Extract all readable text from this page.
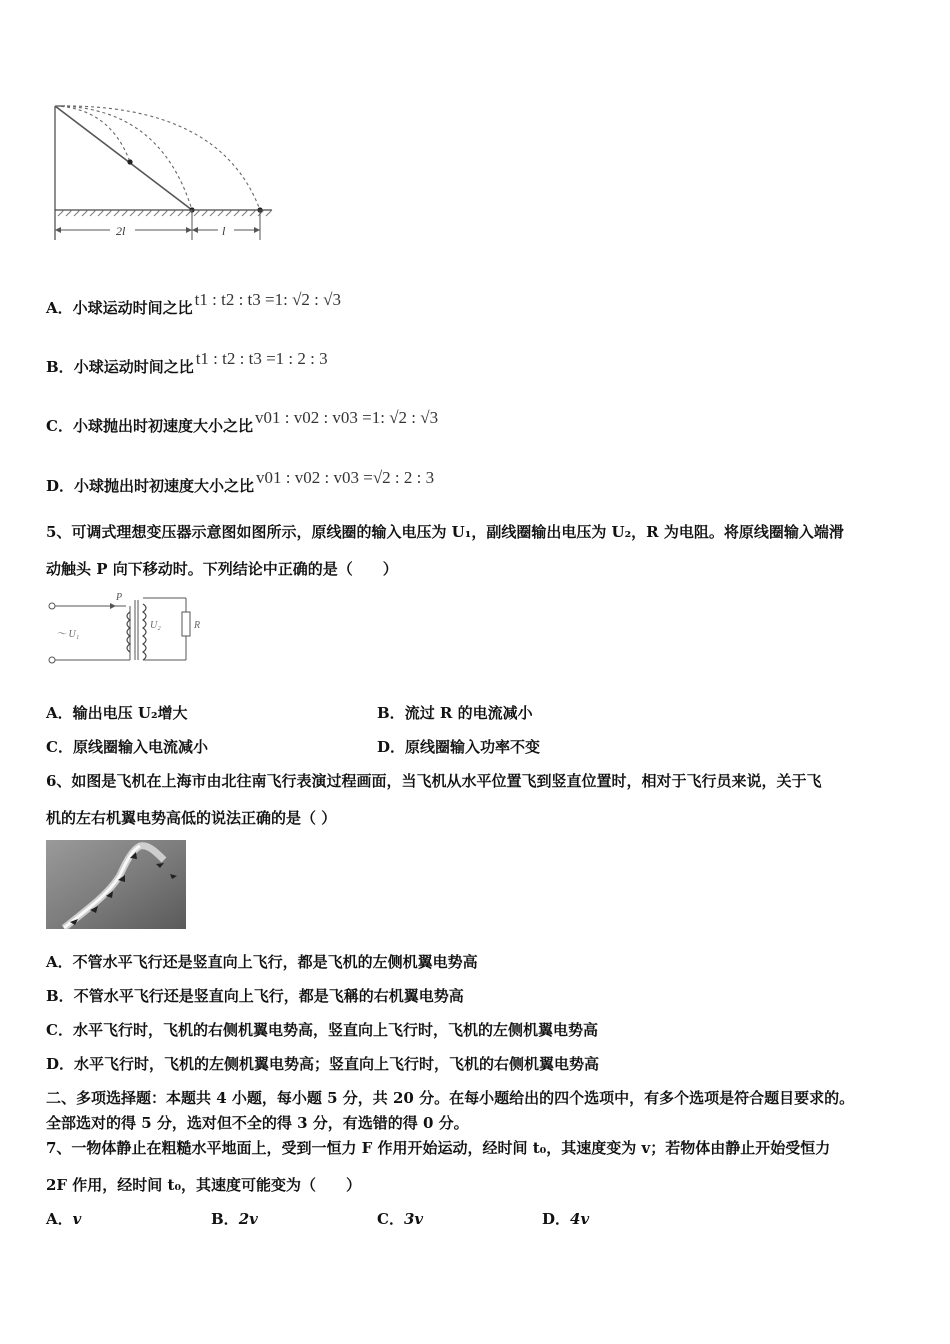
2l	l
A．小球运动时间之比 t1 : t2 : t3 =1: √2 : √3
B．小球运动时间之比 t1 : t2 : t3 =1 : 2 : 3
C．小球抛出时初速度大小之比 v01 : v02 : v03 =1: √2 : √3
D．小球抛出时初速度大小之比 v01 : v02 : v03 =√2 : 2 : 3
5、可调式理想变压器示意图如图所示，原线圈的输入电压为 U₁，副线圈输出电压为 U₂，R 为电阻。将原线圈输入端滑
动触头 P 向下移动时。下列结论中正确的是（　　）
P
～ U₁
U₂	R
A．输出电压 U₂增大	B．流过 R 的电流减小
C．原线圈输入电流减小	D．原线圈输入功率不变
6、如图是飞机在上海市由北往南飞行表演过程画面，当飞机从水平位置飞到竖直位置时，相对于飞行员来说，关于飞
机的左右机翼电势高低的说法正确的是（ ）
A．不管水平飞行还是竖直向上飞行，都是飞机的左侧机翼电势高
B．不管水平飞行还是竖直向上飞行，都是飞稱的右机翼电势高
C．水平飞行时，飞机的右侧机翼电势高，竖直向上飞行时，飞机的左侧机翼电势高
D．水平飞行时，飞机的左侧机翼电势高；竖直向上飞行时，飞机的右侧机翼电势高
二、多项选择题：本题共 4 小题，每小题 5 分，共 20 分。在每小题给出的四个选项中，有多个选项是符合题目要求的。
全部选对的得 5 分，选对但不全的得 3 分，有选错的得 0 分。
7、一物体静止在粗糙水平地面上，受到一恒力 F 作用开始运动，经时间 t₀，其速度变为 v；若物体由静止开始受恒力
2F 作用，经时间 t₀，其速度可能变为（　　）
A．v	B．2v	C．3v	D．4v
